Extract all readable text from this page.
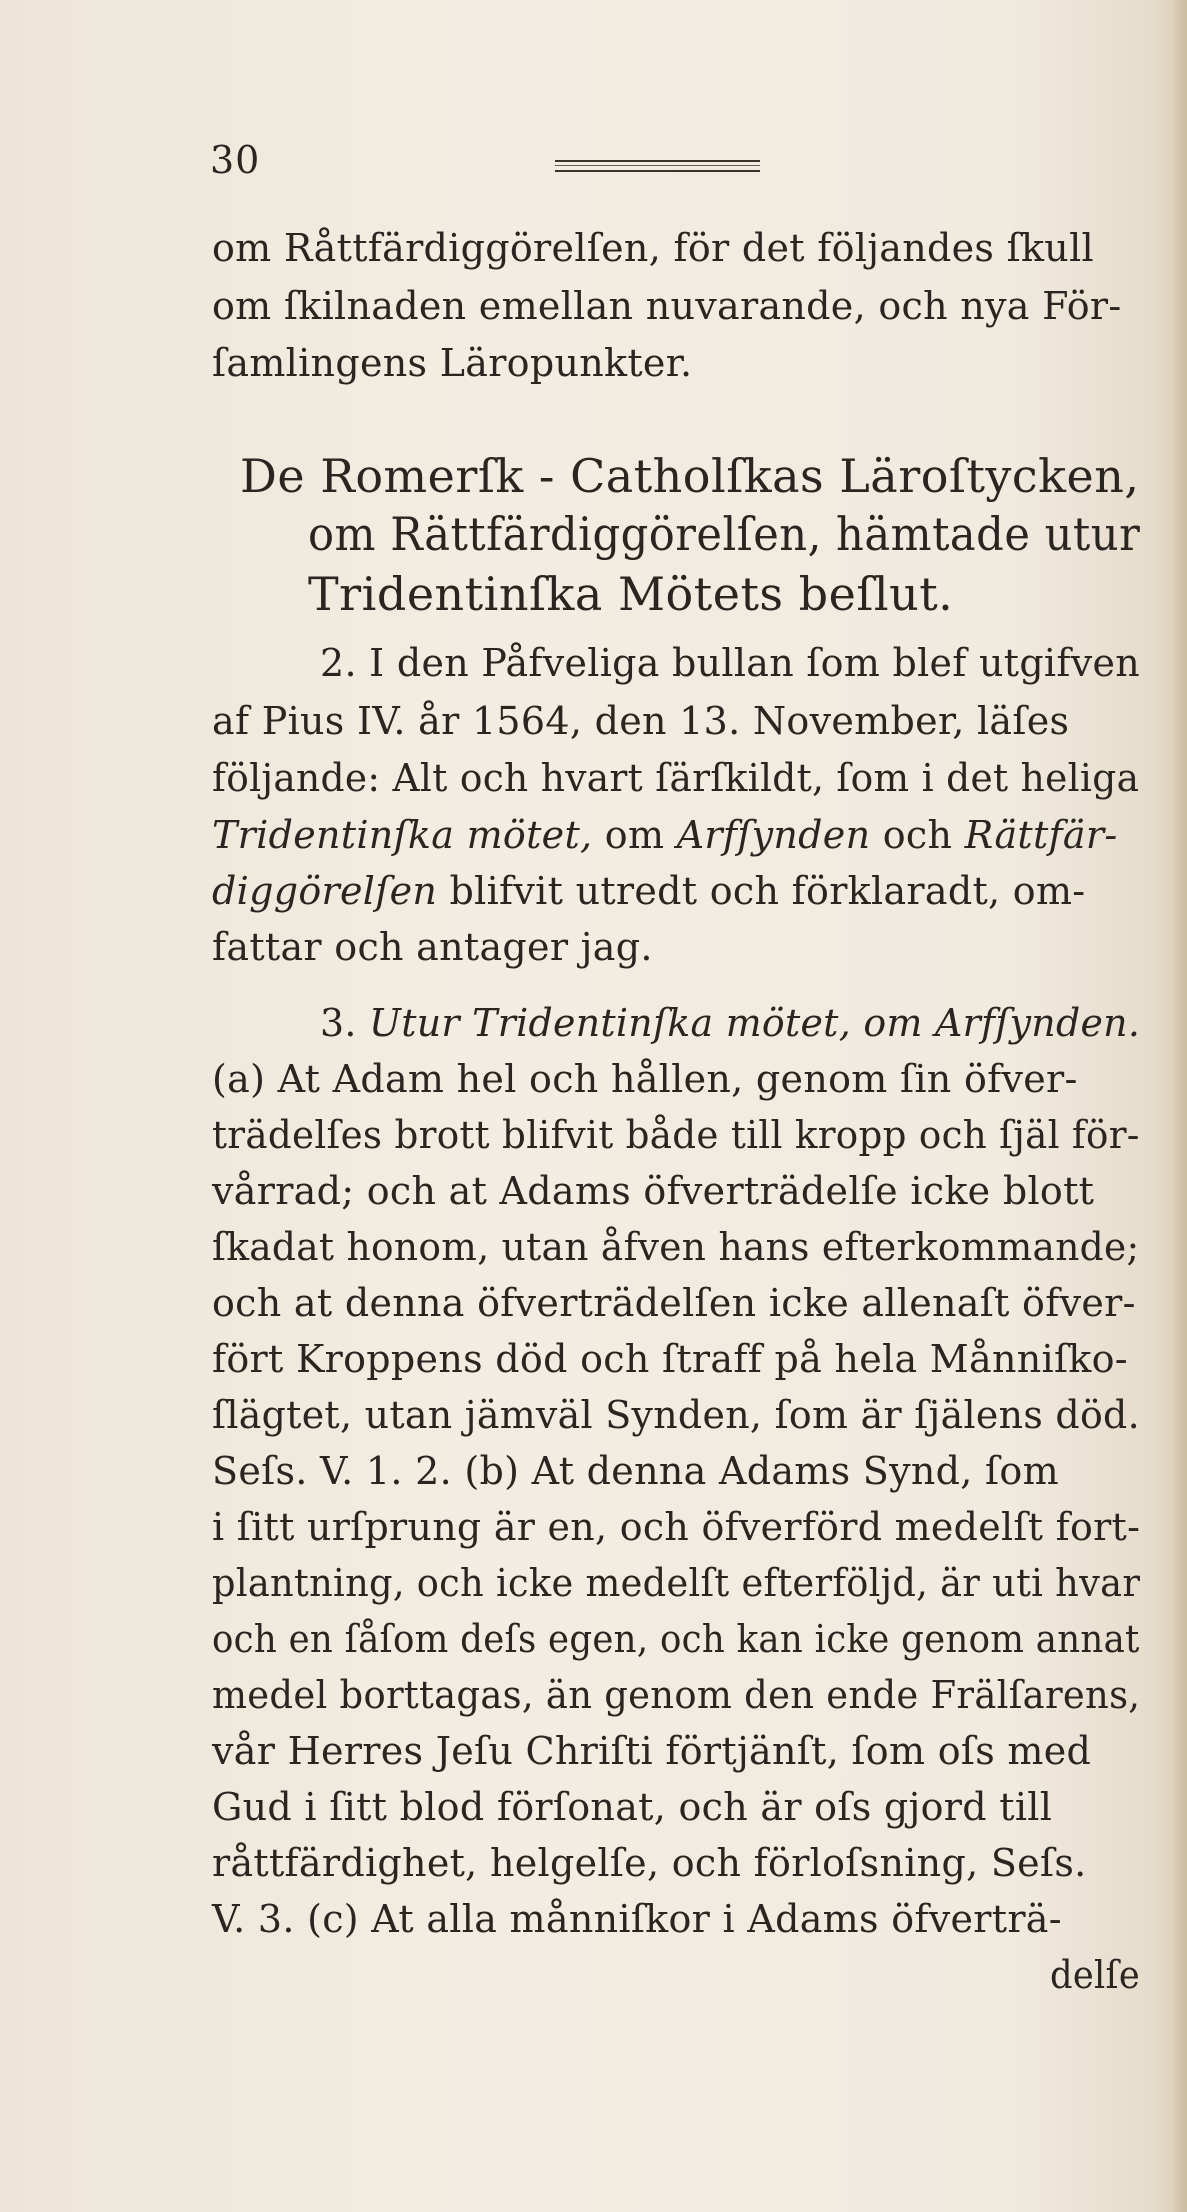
30
om Råttfärdiggörelſen, för det följandes ſkull
om ſkilnaden emellan nuvarande, och nya För-
ſamlingens Läropunkter.
De Romerſk - Catholſkas Läroſtycken,
om Rättfärdiggörelſen, hämtade utur
Tridentinſka Mötets beſlut.
2. I den Påfveliga bullan ſom blef utgifven
af Pius IV. år 1564, den 13. November, läſes
följande: Alt och hvart ſärſkildt, ſom i det heliga
Tridentinſka mötet, om Arfſynden och Rättfär-
diggörelſen blifvit utredt och förklaradt, om-
fattar och antager jag.
3. Utur Tridentinſka mötet, om Arfſynden.
(a) At Adam hel och hållen, genom ſin öfver-
trädelſes brott blifvit både till kropp och ſjäl för-
vårrad; och at Adams öfverträdelſe icke blott
ſkadat honom, utan åfven hans efterkommande;
och at denna öfverträdelſen icke allenaſt öfver-
fört Kroppens död och ſtraff på hela Månniſko-
ſlägtet, utan jämväl Synden, ſom är ſjälens död.
Seſs. V. 1. 2. (b) At denna Adams Synd, ſom
i ſitt urſprung är en, och öfverförd medelſt fort-
plantning, och icke medelſt efterföljd, är uti hvar
och en ſåſom deſs egen, och kan icke genom annat
medel borttagas, än genom den ende Frälſarens,
vår Herres Jeſu Chriſti förtjänſt, ſom oſs med
Gud i ſitt blod förſonat, och är oſs gjord till
råttfärdighet, helgelſe, och förloſsning, Seſs.
V. 3. (c) At alla månniſkor i Adams öfverträ-
delſe
